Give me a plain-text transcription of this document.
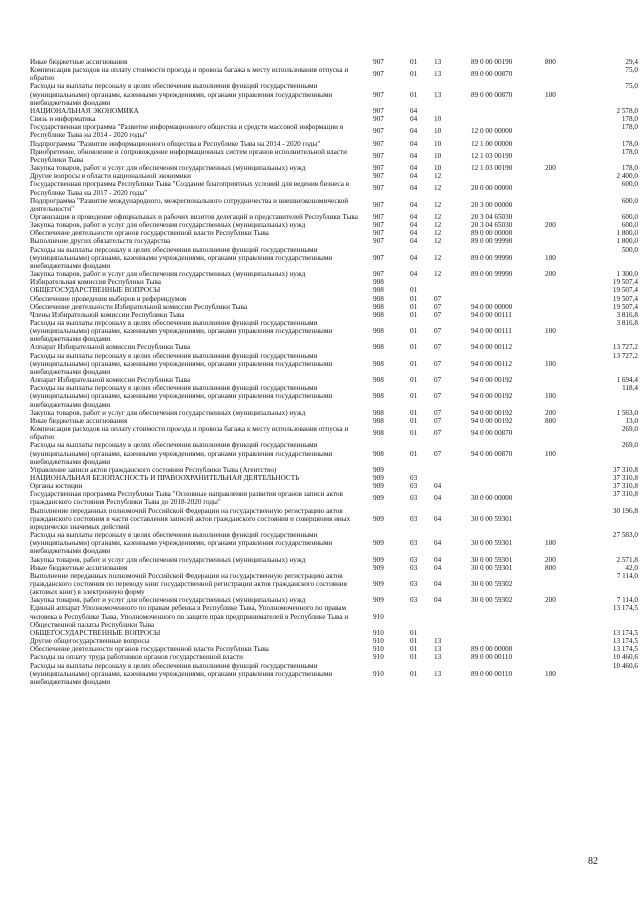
Иные бюджетные ассигнования	907	01	13	89 0 00 00190	800	29,4
Компенсация расходов на оплату стоимости проезда и провоза багажа к месту использования отпуска и обратно	907	01	13	89 0 00 00870		75,0
Расходы на выплаты персоналу в целях обеспечения выполнения функций государственными (муниципальными) органами, казенными учреждениями, органами управления государственными внебюджетными фондами	907	01	13	89 0 00 00870	100	75,0
НАЦИОНАЛЬНАЯ ЭКОНОМИКА	907	04				2 578,0
Связь и информатика	907	04	10			178,0
Государственная программа "Развитие информационного общества и средств массовой информации в Республике Тыва на 2014 - 2020 годы"	907	04	10	12 0 00 00000		178,0
Подпрограмма "Развитие информационного общества в Республике Тыва на 2014 - 2020 годы"	907	04	10	12 1 00 00000		178,0
Приобретение, обновление и сопровождение информационных систем органов исполнительной власти Республики Тыва	907	04	10	12 1 03 00190		178,0
Закупка товаров, работ и услуг для обеспечения государственных (муниципальных) нужд	907	04	10	12 1 03 00190	200	178,0
Другие вопросы в области национальной экономики	907	04	12			2 400,0
Государственная программа Республики Тыва "Создание благоприятных условий для ведения бизнеса в Республике Тыва на 2017 - 2020 годы"	907	04	12	20 0 00 00000		600,0
Подпрограмма "Развитие международного, межрегионального сотрудничества и внешнеэкономической деятельности"	907	04	12	20 3 00 00000		600,0
Организация и проведение официальных и рабочих визитов делегаций и представителей Республики Тыва	907	04	12	20 3 04 65030		600,0
Закупка товаров, работ и услуг для обеспечения государственных (муниципальных) нужд	907	04	12	20 3 04 65030	200	600,0
Обеспечение деятельности органов государственной власти Республики Тыва	907	04	12	89 0 00 00000		1 800,0
Выполнение других обязательств государства	907	04	12	89 0 00 99990		1 800,0
Расходы на выплаты персоналу в целях обеспечения выполнения функций государственными (муниципальными) органами, казенными учреждениями, органами управления государственными внебюджетными фондами	907	04	12	89 0 00 99990	100	500,0
Закупка товаров, работ и услуг для обеспечения государственных (муниципальных) нужд	907	04	12	89 0 00 99990	200	1 300,0
Избирательная комиссия Республики Тыва	908					19 507,4
ОБЩЕГОСУДАРСТВЕННЫЕ ВОПРОСЫ	908	01				19 507,4
Обеспечение проведения выборов и референдумов	908	01	07			19 507,4
Обеспечение деятельности Избирательной комиссии Республики Тыва	908	01	07	94 0 00 00000		19 507,4
Члены Избирательной комиссии Республики Тыва	908	01	07	94 0 00 00111		3 816,8
Расходы на выплаты персоналу в целях обеспечения выполнения функций государственными (муниципальными) органами, казенными учреждениями, органами управления государственными внебюджетными фондами	908	01	07	94 0 00 00111	100	3 816,8
Аппарат Избирательной комиссии Республики Тыва	908	01	07	94 0 00 00112		13 727,2
Расходы на выплаты персоналу в целях обеспечения выполнения функций государственными (муниципальными) органами, казенными учреждениями, органами управления государственными внебюджетными фондами	908	01	07	94 0 00 00112	100	13 727,2
Аппарат Избирательной комиссии Республики Тыва	908	01	07	94 0 00 00192		1 694,4
Расходы на выплаты персоналу в целях обеспечения выполнения функций государственными (муниципальными) органами, казенными учреждениями, органами управления государственными внебюджетными фондами	908	01	07	94 0 00 00192	100	118,4
Закупка товаров, работ и услуг для обеспечения государственных (муниципальных) нужд	908	01	07	94 0 00 00192	200	1 563,0
Иные бюджетные ассигнования	908	01	07	94 0 00 00192	800	13,0
Компенсация расходов на оплату стоимости проезда и провоза багажа к месту использования отпуска и обратно	908	01	07	94 0 00 00870		269,0
Расходы на выплаты персоналу в целях обеспечения выполнения функций государственными (муниципальными) органами, казенными учреждениями, органами управления государственными внебюджетными фондами	908	01	07	94 0 00 00870	100	269,0
Управление записи актов гражданского состояния Республики Тыва (Агентство)	909					37 310,8
НАЦИОНАЛЬНАЯ БЕЗОПАСНОСТЬ И ПРАВООХРАНИТЕЛЬНАЯ ДЕЯТЕЛЬНОСТЬ	909	03				37 310,8
Органы юстиции	909	03	04			37 310,8
Государственная программа Республики Тыва "Основные направления развития органов записи актов гражданского состояния Республики Тыва до 2018-2020 годы"	909	03	04	30 0 00 00000		37 310,8
Выполнение переданных полномочий Российской Федерации на государственную регистрацию актов гражданского состояния в части составления записей актов гражданского состояния и совершения иных юридически значимых действий	909	03	04	30 0 00 59301		30 196,8
Расходы на выплаты персоналу в целях обеспечения выполнения функций государственными (муниципальными) органами, казенными учреждениями, органами управления государственными внебюджетными фондами	909	03	04	30 0 00 59301	100	27 583,0
Закупка товаров, работ и услуг для обеспечения государственных (муниципальных) нужд	909	03	04	30 0 00 59301	200	2 571,8
Иные бюджетные ассигнования	909	03	04	30 0 00 59301	800	42,0
Выполнение переданных полномочий Российской Федерации на государственную регистрацию актов гражданского состояния по переводу книг государственной регистрации актов гражданского состояния (актовых книг) в электронную форму	909	03	04	30 0 00 59302		7 114,0
Закупка товаров, работ и услуг для обеспечения государственных (муниципальных) нужд	909	03	04	30 0 00 59302	200	7 114,0
Единый аппарат Уполномоченного по правам ребенка в Республике Тыва, Уполномоченного по правам человека в Республике Тыва, Уполномоченного по защите прав предпринимателей в Республике Тыва и Общественной палаты Республики Тыва	910					13 174,5
ОБЩЕГОСУДАРСТВЕННЫЕ ВОПРОСЫ	910	01				13 174,5
Другие общегосударственные вопросы	910	01	13			13 174,5
Обеспечение деятельности органов государственной власти Республики Тыва	910	01	13	89 0 00 00000		13 174,5
Расходы на оплату труда работников органов государственной власти	910	01	13	89 0 00 00110		10 460,6
Расходы на выплаты персоналу в целях обеспечения выполнения функций государственными (муниципальными) органами, казенными учреждениями, органами управления государственными внебюджетными фондами	910	01	13	89 0 00 00110	100	10 460,6
82
